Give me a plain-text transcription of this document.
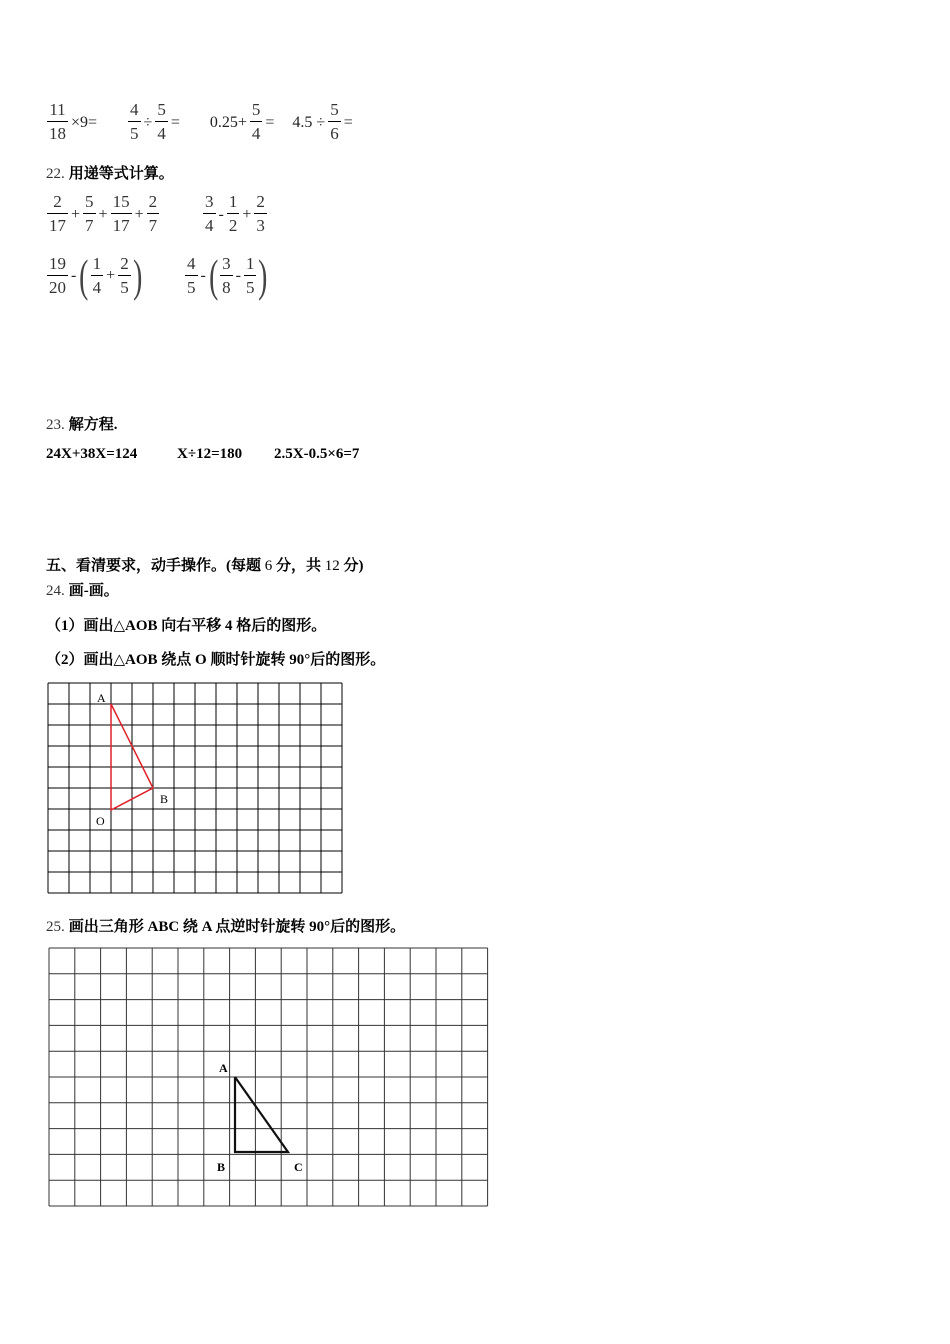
$\frac{11}{18} \times 9= \frac{4}{5} \div \frac{5}{4} = 0.25+ \frac{5}{4} = 4.5 \div \frac{5}{6}$ =
22. 用递等式计算。
$\frac{2}{17} + \frac{5}{7} + \frac{15}{17} + \frac{2}{7}$	$\frac{3}{4} - \frac{1}{2} + \frac{2}{3}$
$\frac{19}{20}$ -( $\frac{1}{4} + \frac{2}{5}$ )	$\frac{4}{5}$ -( $\frac{3}{8} - \frac{1}{5}$ )
23. 解方程.
24X+38X=124	X÷12=180 2.5X-0.5×6=7
五、看清要求，动手操作。(每题 6 分，共 12 分)
24. 画-画。
（1）画出△AOB 向右平移 4 格后的图形。
（2）画出△AOB 绕点 O 顺时针旋转 90°后的图形。
A
B
O
A
B	C
25. 画出三角形 ABC 绕 A 点逆时针旋转 90°后的图形。
